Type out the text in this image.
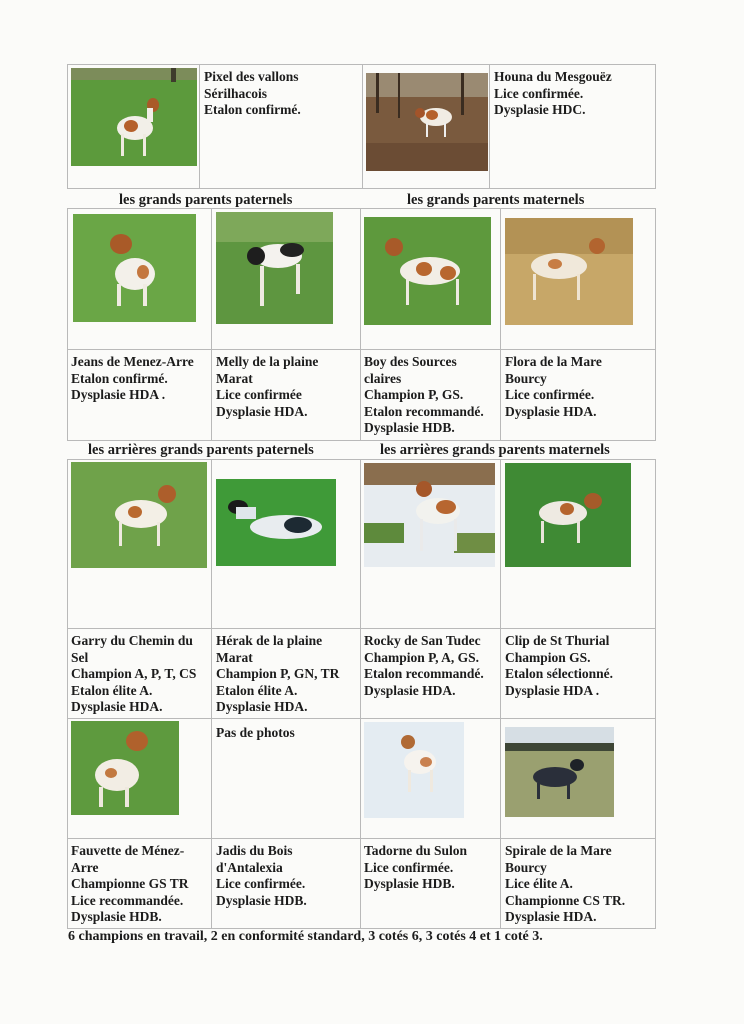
Pixel des vallons
Sérilhacois
Etalon confirmé.
Houna du Mesgouëz
Lice confirmée.
Dysplasie HDC.
les grands parents paternels	les grands parents maternels
Jeans de Menez-Arre
Etalon confirmé.
Dysplasie HDA .
Melly de la plaine
Marat
Lice confirmée
Dysplasie HDA.
Boy des Sources
claires
Champion P, GS.
Etalon recommandé.
Dysplasie HDB.
Flora de la Mare
Bourcy
Lice confirmée.
Dysplasie HDA.
les arrières grands parents paternels	les arrières grands parents maternels
Garry du Chemin du
Sel
Champion A, P, T, CS
Etalon élite A.
Dysplasie HDA.
Hérak de la plaine
Marat
Champion P, GN, TR
Etalon élite A.
Dysplasie HDA.
Rocky de San Tudec
Champion P, A, GS.
Etalon recommandé.
Dysplasie HDA.
Clip de St Thurial
Champion GS.
Etalon sélectionné.
Dysplasie HDA .
Pas de photos
Fauvette de Ménez-
Arre
Championne GS TR
Lice recommandée.
Dysplasie HDB.
Jadis du Bois
d'Antalexia
Lice confirmée.
Dysplasie HDB.
Tadorne du Sulon
Lice confirmée.
Dysplasie HDB.
Spirale de la Mare
Bourcy
Lice élite A.
Championne CS TR.
Dysplasie HDA.
6 champions en travail, 2 en conformité standard, 3 cotés 6, 3 cotés 4 et 1 coté 3.
